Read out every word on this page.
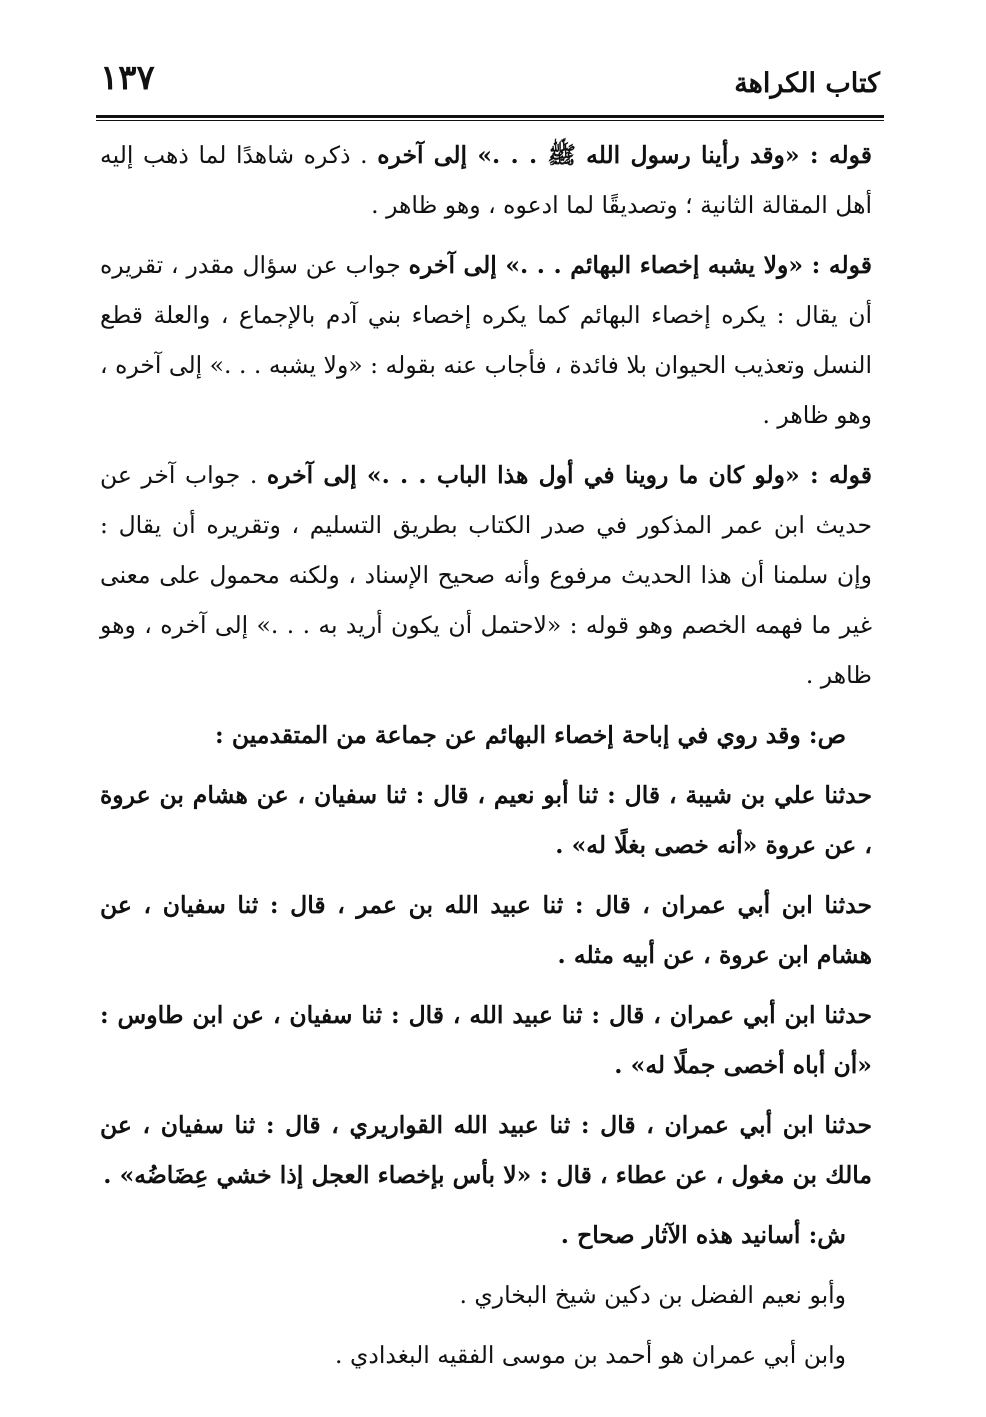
كتاب الكراهة
١٣٧

قوله : «وقد رأينا رسول الله ﷺ . . .» إلى آخره . ذكره شاهدًا لما ذهب إليه أهل المقالة الثانية ؛ وتصديقًا لما ادعوه ، وهو ظاهر .

قوله : «ولا يشبه إخصاء البهائم . . .» إلى آخره جواب عن سؤال مقدر ، تقريره أن يقال : يكره إخصاء البهائم كما يكره إخصاء بني آدم بالإجماع ، والعلة قطع النسل وتعذيب الحيوان بلا فائدة ، فأجاب عنه بقوله : «ولا يشبه . . .» إلى آخره ، وهو ظاهر .

قوله : «ولو كان ما روينا في أول هذا الباب . . .» إلى آخره . جواب آخر عن حديث ابن عمر المذكور في صدر الكتاب بطريق التسليم ، وتقريره أن يقال : وإن سلمنا أن هذا الحديث مرفوع وأنه صحيح الإسناد ، ولكنه محمول على معنى غير ما فهمه الخصم وهو قوله : «لاحتمل أن يكون أريد به . . .» إلى آخره ، وهو ظاهر .

ص: وقد روي في إباحة إخصاء البهائم عن جماعة من المتقدمين :

حدثنا علي بن شيبة ، قال : ثنا أبو نعيم ، قال : ثنا سفيان ، عن هشام بن عروة ، عن عروة «أنه خصى بغلًا له» .

حدثنا ابن أبي عمران ، قال : ثنا عبيد الله بن عمر ، قال : ثنا سفيان ، عن هشام ابن عروة ، عن أبيه مثله .

حدثنا ابن أبي عمران ، قال : ثنا عبيد الله ، قال : ثنا سفيان ، عن ابن طاوس : «أن أباه أخصى جملًا له» .

حدثنا ابن أبي عمران ، قال : ثنا عبيد الله القواريري ، قال : ثنا سفيان ، عن مالك بن مغول ، عن عطاء ، قال : «لا بأس بإخصاء العجل إذا خشي عِضَاضُه» .

ش: أسانيد هذه الآثار صحاح .

وأبو نعيم الفضل بن دكين شيخ البخاري .

وابن أبي عمران هو أحمد بن موسى الفقيه البغدادي .
